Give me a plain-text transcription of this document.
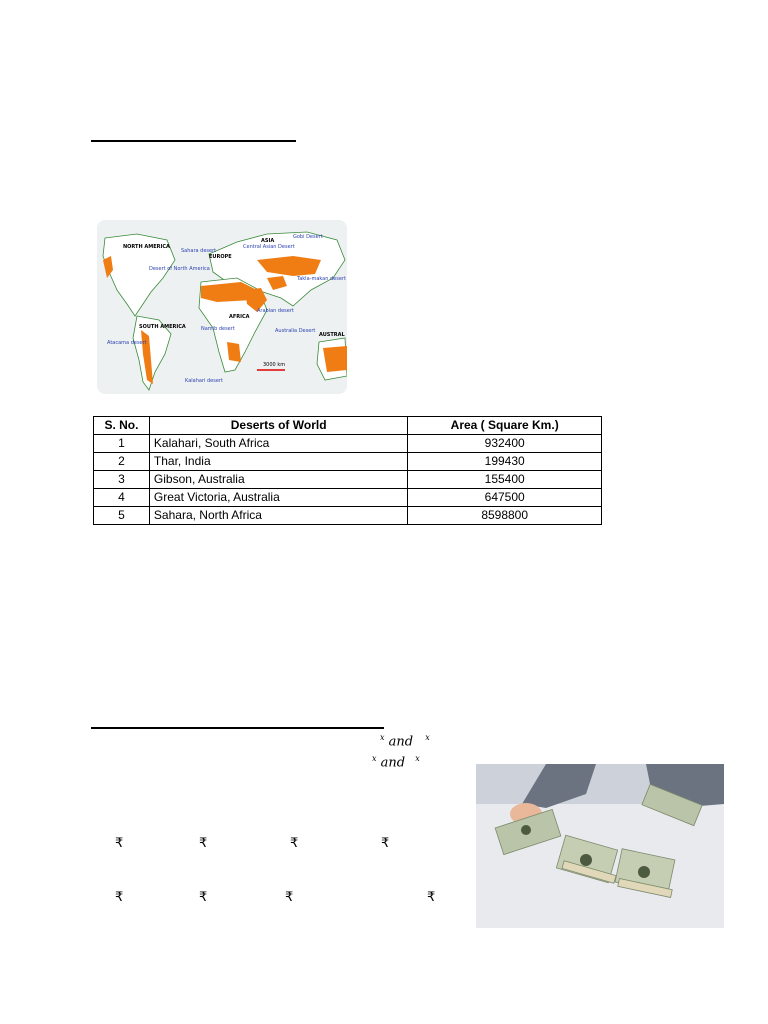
NORTH AMERICA
SOUTH AMERICA
EUROPE
ASIA
AFRICA
AUSTRAL
Sahara desert
Desert of North America
Central Asian Desert
Gobi Desert
Takla-makan desert
Arabian desert
Australia Desert
Namib desert
Atacama desert
Kalahari desert
3000 km
S. No.	Deserts of World	Area ( Square Km.)
1	Kalahari, South Africa	932400
2	Thar, India	199430
3	Gibson, Australia	155400
4	Great Victoria, Australia	647500
5	Sahara, North Africa	8598800
$^x$ and $^x$
$^x$ and $^x$
₹	₹	₹	₹
₹	₹	₹	₹
